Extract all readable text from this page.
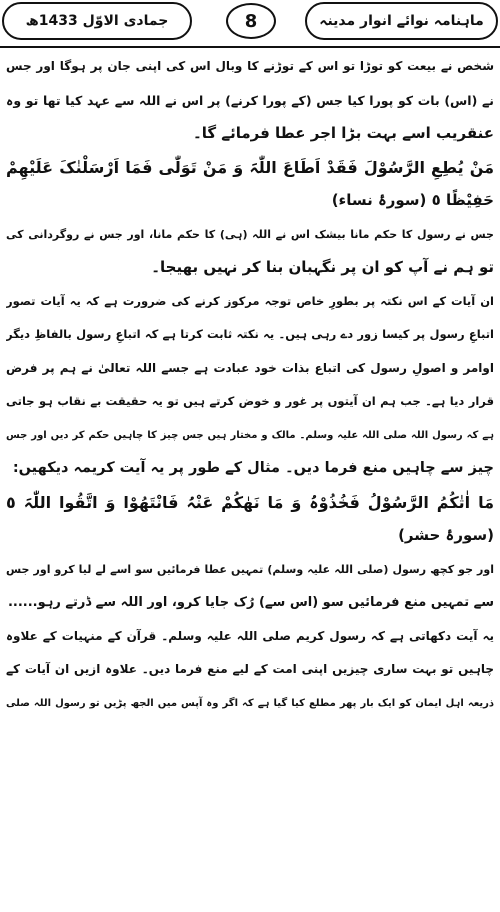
جمادی الاوّل 1433ھ	8	ماہنامہ نوائے انوار مدینہ
شخص نے بیعت کو توڑا تو اس کے توڑنے کا وبال اس کی اپنی جان پر ہوگا اور جس
نے (اس) بات کو پورا کیا جس (کے پورا کرنے) پر اس نے اللہ سے عہد کیا تھا تو وہ
عنقریب اسے بہت بڑا اجر عطا فرمائے گا۔
مَنْ یُطِعِ الرَّسُوْلَ فَقَدْ اَطَاعَ اللّٰہَ وَ مَنْ تَوَلّٰی فَمَا اَرْسَلْنٰکَ عَلَیْھِمْ
حَفِیْظًا ٥ (سورۂ نساء)
جس نے رسول کا حکم مانا بیشک اس نے اللہ (ہی) کا حکم مانا، اور جس نے روگردانی کی
تو ہم نے آپ کو ان پر نگہبان بنا کر نہیں بھیجا۔
ان آیات کے اس نکتہ پر بطورِ خاص توجہ مرکوز کرنے کی ضرورت ہے کہ یہ آیات تصور
اتباعِ رسول پر کیسا زور دے رہی ہیں۔ یہ نکتہ ثابت کرتا ہے کہ اتباعِ رسول بالفاظِ دیگر
اوامر و اصولِ رسول کی اتباع بذات خود عبادت ہے جسے اللہ تعالیٰ نے ہم پر فرض
قرار دیا ہے۔ جب ہم ان آیتوں پر غور و خوض کرتے ہیں تو یہ حقیقت بے نقاب ہو جاتی
ہے کہ رسول اللہ صلی اللہ علیہ وسلم۔ مالک و مختار ہیں جس چیز کا چاہیں حکم کر دیں اور جس
چیز سے چاہیں منع فرما دیں۔ مثال کے طور پر یہ آیت کریمہ دیکھیں:
مَا اٰتٰکُمُ الرَّسُوْلُ فَخُذُوْہُ وَ مَا نَھٰکُمْ عَنْہُ فَانْتَھُوْا وَ اتَّقُوا اللّٰہَ ٥
(سورۂ حشر)
اور جو کچھ رسول (صلی اللہ علیہ وسلم) تمہیں عطا فرمائیں سو اسے لے لیا کرو اور جس
سے تمہیں منع فرمائیں سو (اس سے) رُک جایا کرو، اور اللہ سے ڈرتے رہو......
یہ آیت دکھاتی ہے کہ رسول کریم صلی اللہ علیہ وسلم۔ قرآن کے منہیات کے علاوہ
چاہیں تو بہت ساری چیزیں اپنی امت کے لیے منع فرما دیں۔ علاوہ ازیں ان آیات کے
ذریعہ اہل ایمان کو ایک بار پھر مطلع کیا گیا ہے کہ اگر وہ آپس میں الجھ پڑیں تو رسول اللہ صلی
